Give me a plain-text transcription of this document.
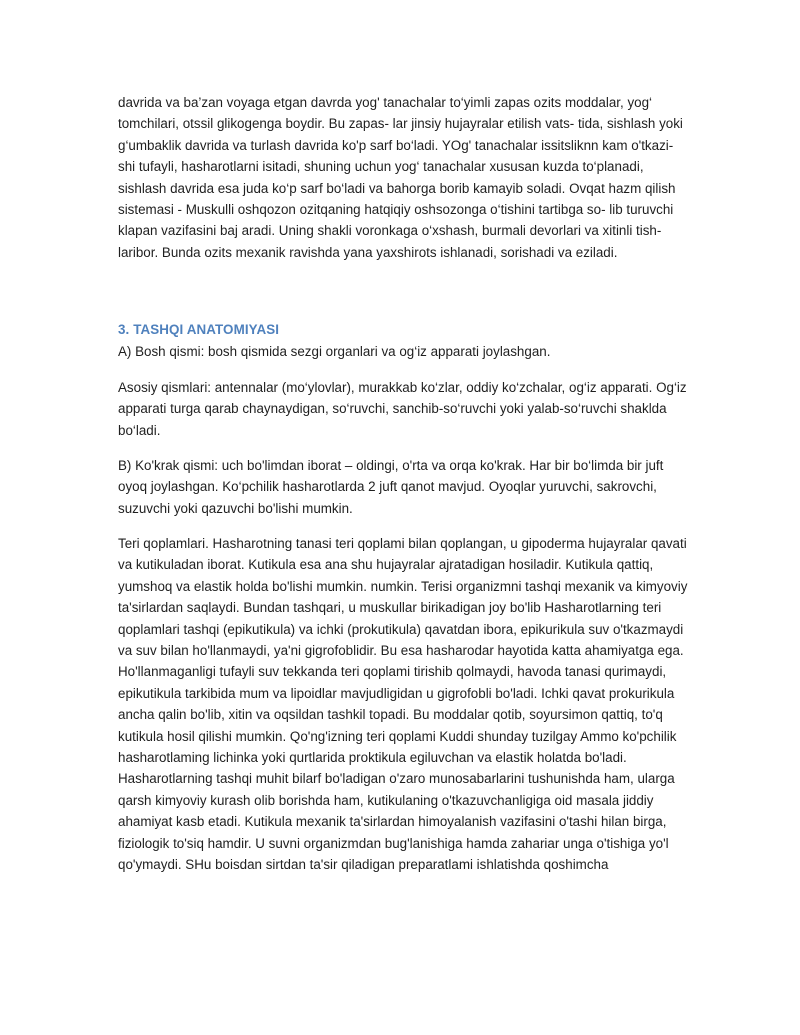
davrida va ba’zan voyaga etgan davrda yog' tanachalar to‘yimli zapas ozits moddalar, yog‘ tomchilari, otssil glikogenga boydir. Bu zapas- lar jinsiy hujayralar etilish vats- tida, sishlash yoki g‘umbaklik davrida va turlash davrida ko'p sarf bo‘ladi. YOg' tanachalar issitsliknn kam o'tkazi- shi tufayli, hasharotlarni isitadi, shuning uchun yog‘ tanachalar xususan kuzda to‘planadi, sishlash davrida esa juda ko‘p sarf bo‘ladi va bahorga borib kamayib soladi. Ovqat hazm qilish sistemasi - Muskulli oshqozon ozitqaning hatqiqiy oshsozonga o‘tishini tartibga so- lib turuvchi klapan vazifasini baj aradi. Uning shakli voronkaga o‘xshash, burmali devorlari va xitinli tish- laribor. Bunda ozits mexanik ravishda yana yaxshirots ishlanadi, sorishadi va eziladi.

3. TASHQI ANATOMIYASI

A) Bosh qismi: bosh qismida sezgi organlari va og‘iz apparati joylashgan.

Asosiy qismlari: antennalar (mo‘ylovlar), murakkab ko‘zlar, oddiy ko‘zchalar, og‘iz apparati. Og‘iz apparati turga qarab chaynaydigan, so‘ruvchi, sanchib-so‘ruvchi yoki yalab-so‘ruvchi shaklda bo‘ladi.

B) Ko'krak qismi: uch bo'limdan iborat – oldingi, o'rta va orqa ko'krak. Har bir bo‘limda bir juft oyoq joylashgan. Ko‘pchilik hasharotlarda 2 juft qanot mavjud. Oyoqlar yuruvchi, sakrovchi, suzuvchi yoki qazuvchi bo'lishi mumkin.

Teri qoplamlari. Hasharotning tanasi teri qoplami bilan qoplangan, u gipoderma hujayralar qavati va kutikuladan iborat. Kutikula esa ana shu hujayralar ajratadigan hosiladir. Kutikula qattiq, yumshoq va elastik holda bo'lishi mumkin. numkin. Terisi organizmni tashqi mexanik va kimyoviy ta'sirlardan saqlaydi. Bundan tashqari, u muskullar birikadigan joy bo'lib Hasharotlarning teri qoplamlari tashqi (epikutikula) va ichki (prokutikula) qavatdan ibora, epikurikula suv o'tkazmaydi va suv bilan ho'llanmaydi, ya'ni gigrofoblidir. Bu esa hasharodar hayotida katta ahamiyatga ega. Ho'llanmaganligi tufayli suv tekkanda teri qoplami tirishib qolmaydi, havoda tanasi qurimaydi, epikutikula tarkibida mum va lipoidlar mavjudligidan u gigrofobli bo'ladi. Ichki qavat prokurikula ancha qalin bo'lib, xitin va oqsildan tashkil topadi. Bu moddalar qotib, soyursimon qattiq, to'q kutikula hosil qilishi mumkin. Qo'ng'izning teri qoplami Kuddi shunday tuzilgay Ammo ko'pchilik hasharotlaming lichinka yoki qurtlarida proktikula egiluvchan va elastik holatda bo'ladi. Hasharotlarning tashqi muhit bilarf bo'ladigan o'zaro munosabarlarini tushunishda ham, ularga qarsh kimyoviy kurash olib borishda ham, kutikulaning o'tkazuvchanligiga oid masala jiddiy ahamiyat kasb etadi. Kutikula mexanik ta'sirlardan himoyalanish vazifasini o'tashi hilan birga, fiziologik to'siq hamdir. U suvni organizmdan bug'lanishiga hamda zahariar unga o'tishiga yo'l qo'ymaydi. SHu boisdan sirtdan ta'sir qiladigan preparatlami ishlatishda qoshimcha
